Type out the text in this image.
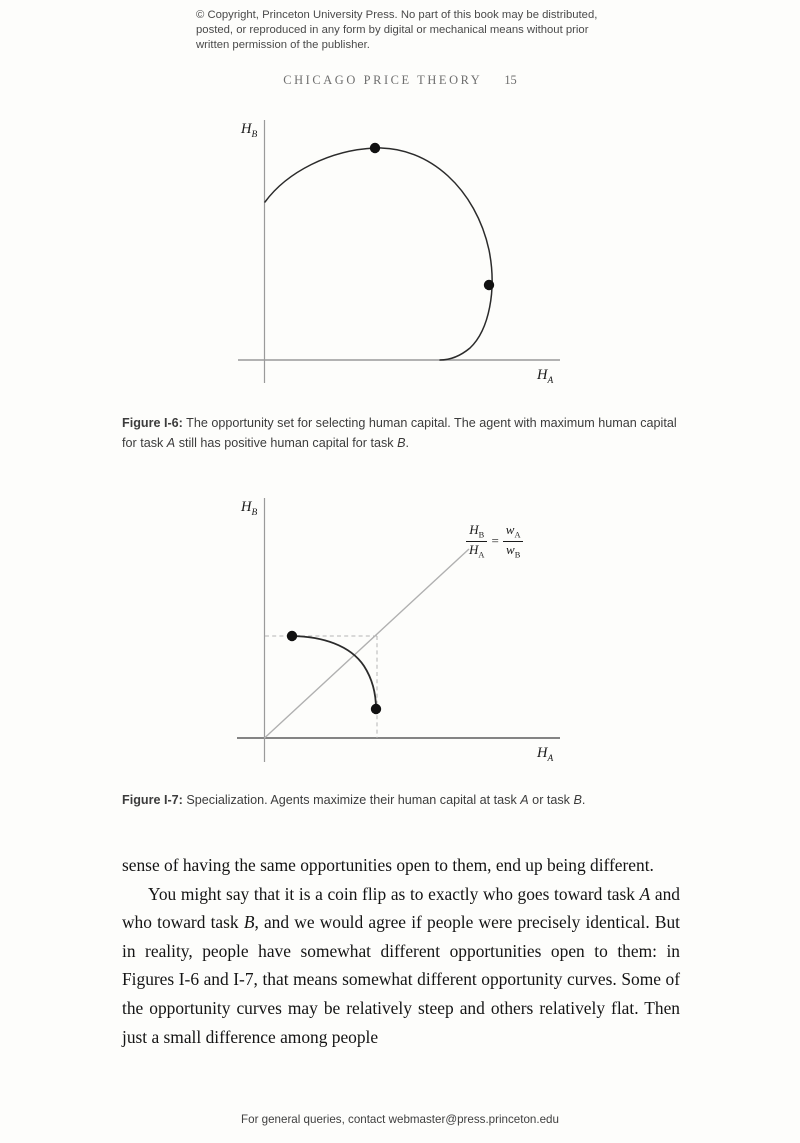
© Copyright, Princeton University Press. No part of this book may be distributed, posted, or reproduced in any form by digital or mechanical means without prior written permission of the publisher.
CHICAGO PRICE THEORY 15
$H_B$
$H_A$
Figure I-6: The opportunity set for selecting human capital. The agent with maximum human capital for task A still has positive human capital for task B.
$H_B$
$H_A$
$\frac{H_B}{H_A} = \frac{w_A}{w_B}$
Figure I-7: Specialization. Agents maximize their human capital at task A or task B.

sense of having the same opportunities open to them, end up being different.

You might say that it is a coin flip as to exactly who goes toward task A and who toward task B, and we would agree if people were precisely identical. But in reality, people have somewhat different opportunities open to them: in Figures I-6 and I-7, that means somewhat different opportunity curves. Some of the opportunity curves may be relatively steep and others relatively flat. Then just a small difference among people

For general queries, contact webmaster@press.princeton.edu
